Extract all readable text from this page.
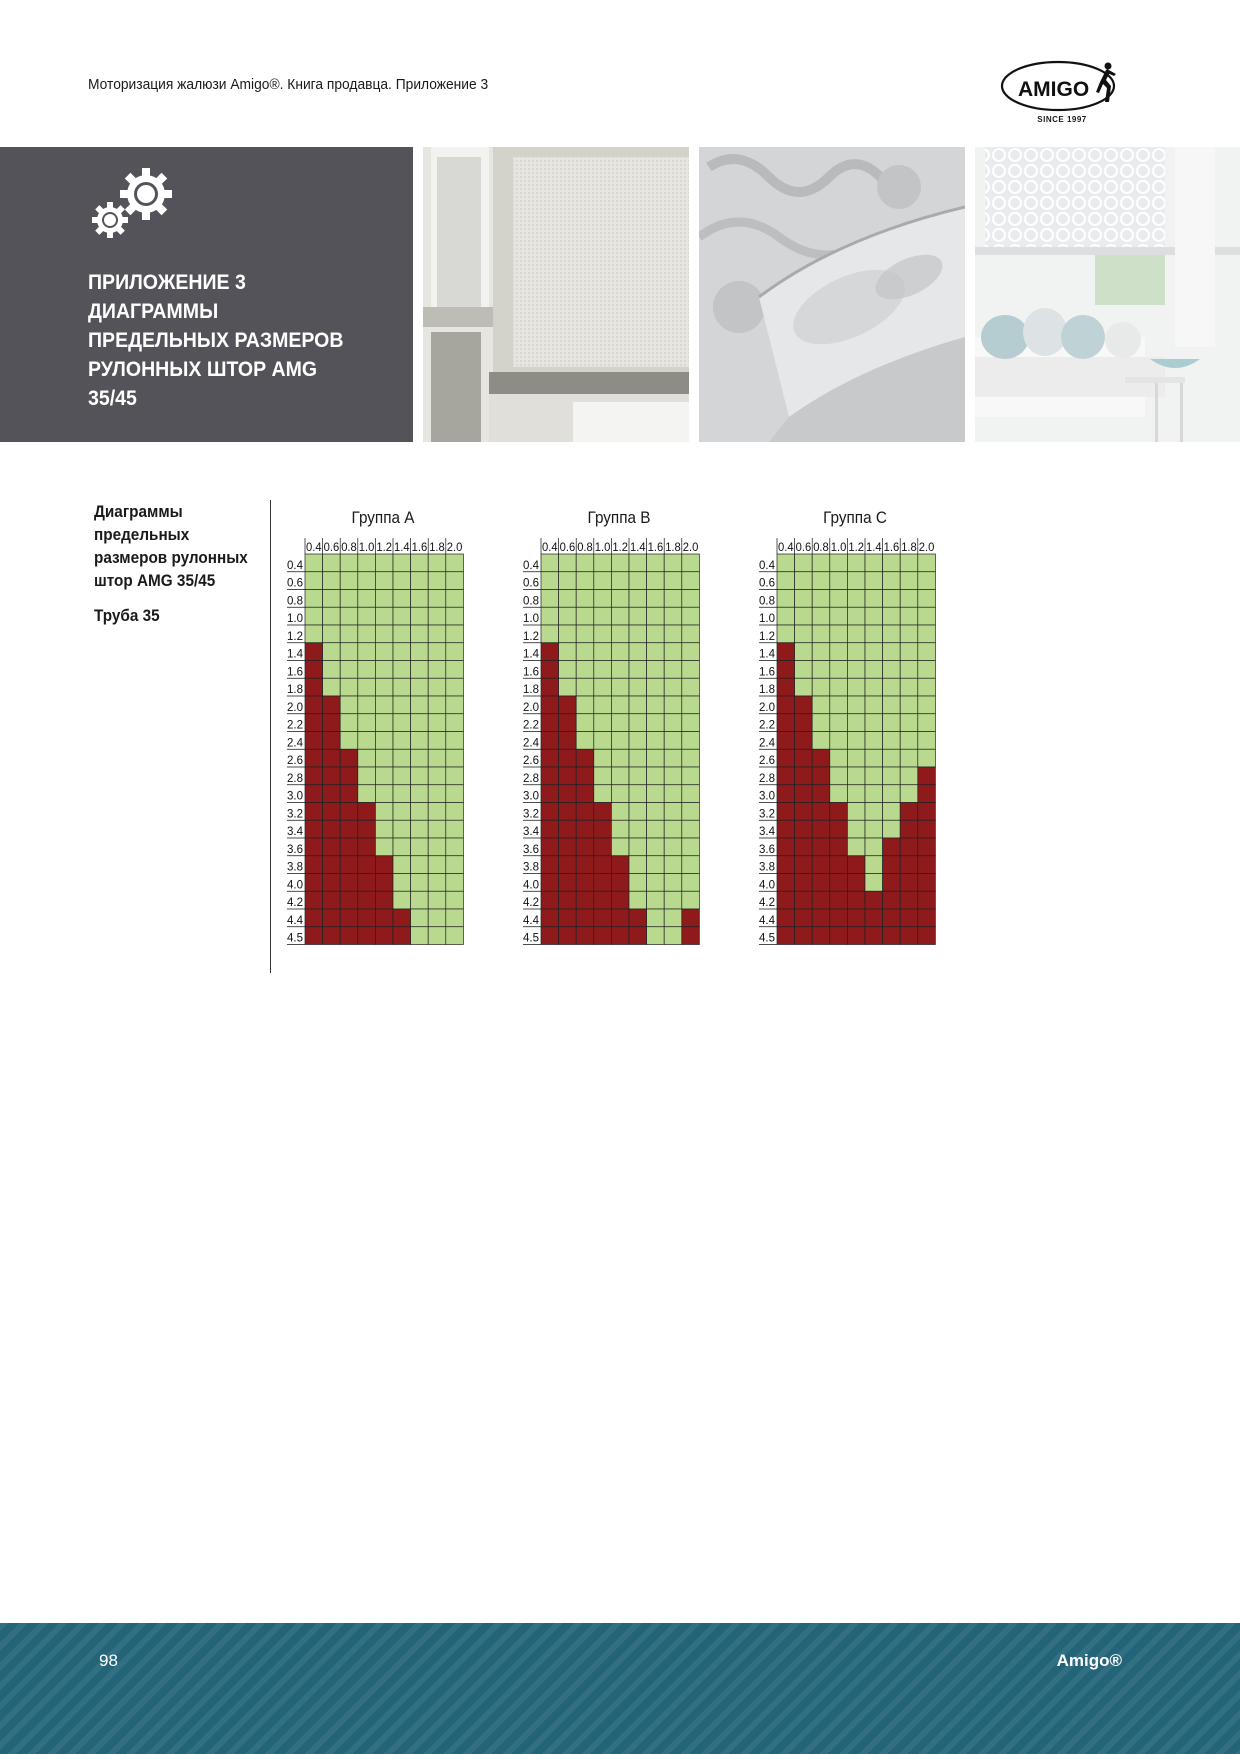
Моторизация жалюзи Amigo®. Книга продавца. Приложение 3	AMIGO
SINCE 1997
ПРИЛОЖЕНИЕ 3
ДИАГРАММЫ
ПРЕДЕЛЬНЫХ РАЗМЕРОВ
РУЛОННЫХ ШТОР AMG
35/45
Диаграммы предельных размеров рулонных штор AMG 35/45
Труба 35
Группа A
0.4 0.6 0.8 1.0 1.2 1.4 1.6 1.8 2.0
0.4
0.6
0.8
1.0
1.2
1.4
1.6
1.8
2.0
2.2
2.4
2.6
2.8
3.0
3.2
3.4
3.6
3.8
4.0
4.2
4.4
4.5
Группа B
0.4 0.6 0.8 1.0 1.2 1.4 1.6 1.8 2.0
0.4
0.6
0.8
1.0
1.2
1.4
1.6
1.8
2.0
2.2
2.4
2.6
2.8
3.0
3.2
3.4
3.6
3.8
4.0
4.2
4.4
4.5
Группа C
0.4 0.6 0.8 1.0 1.2 1.4 1.6 1.8 2.0
0.4
0.6
0.8
1.0
1.2
1.4
1.6
1.8
2.0
2.2
2.4
2.6
2.8
3.0
3.2
3.4
3.6
3.8
4.0
4.2
4.4
4.5
98	Amigo®
